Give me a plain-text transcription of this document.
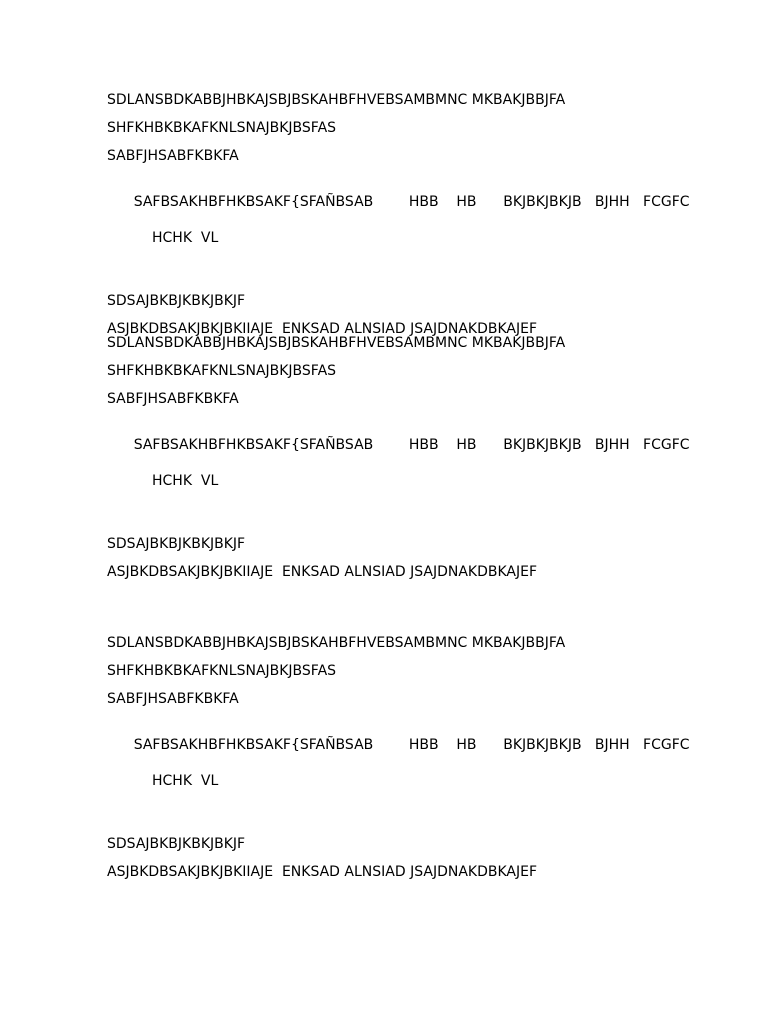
SDLANSBDKABBJHBKAJSBJBSKAHBFHVEBSAMBMNC MKBAKJBBJFA
SHFKHBKBKAFKNLSNAJBKJBSFAS
SABFJHSABFKBKFA

SAFBSAKHBFHKBSAKF{SFAÑBSAB        HBB    HB      BKJBKJBKJB   BJHH   FCGFC

HCHK  VL

SDSAJBKBJKBKJBKJF
ASJBKDBSAKJBKJBKIIAJE  ENKSAD ALNSIAD JSAJDNAKDBKAJEF
SDLANSBDKABBJHBKAJSBJBSKAHBFHVEBSAMBMNC MKBAKJBBJFA
SHFKHBKBKAFKNLSNAJBKJBSFAS
SABFJHSABFKBKFA

SAFBSAKHBFHKBSAKF{SFAÑBSAB        HBB    HB      BKJBKJBKJB   BJHH   FCGFC

HCHK  VL

SDSAJBKBJKBKJBKJF
ASJBKDBSAKJBKJBKIIAJE  ENKSAD ALNSIAD JSAJDNAKDBKAJEF
SDLANSBDKABBJHBKAJSBJBSKAHBFHVEBSAMBMNC MKBAKJBBJFA
SHFKHBKBKAFKNLSNAJBKJBSFAS
SABFJHSABFKBKFA

SAFBSAKHBFHKBSAKF{SFAÑBSAB        HBB    HB      BKJBKJBKJB   BJHH   FCGFC

HCHK  VL

SDSAJBKBJKBKJBKJF
ASJBKDBSAKJBKJBKIIAJE  ENKSAD ALNSIAD JSAJDNAKDBKAJEF
